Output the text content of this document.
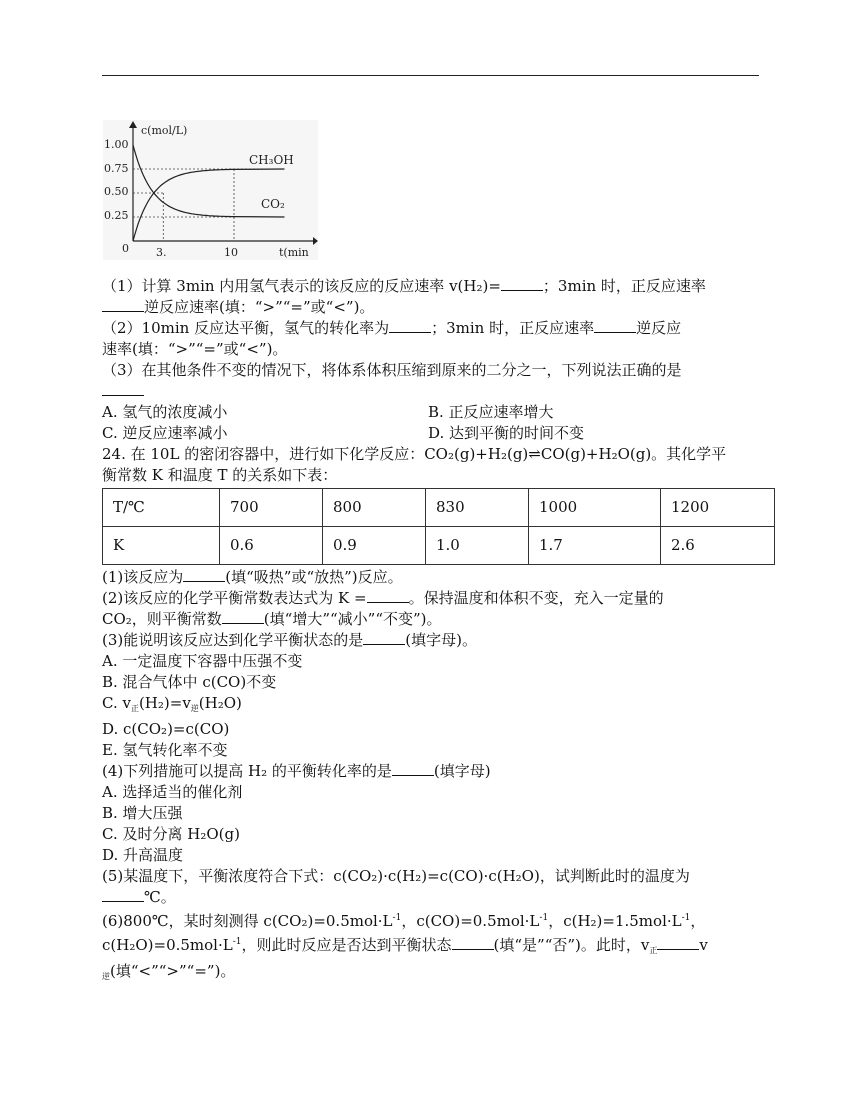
c(mol/L)
t(min
1.00
0.75
0.50
0.25
0 3.	10
CH₃OH
CO₂

（1）计算 3min 内用氢气表示的该反应的反应速率 v(H₂)=	；3min 时，正反应速率

逆反应速率(填：“>”“=”或“<”)。

（2）10min 反应达平衡，氢气的转化率为	；3min 时，正反应速率	逆反应

速率(填：“>”“=”或“<”)。

（3）在其他条件不变的情况下，将体系体积压缩到原来的二分之一，下列说法正确的是

A. 氢气的浓度减小	B. 正反应速率增大
C. 逆反应速率减小	D. 达到平衡的时间不变

24. 在 10L 的密闭容器中，进行如下化学反应：CO₂(g)+H₂(g)⇌CO(g)+H₂O(g)。其化学平

衡常数 K 和温度 T 的关系如下表：

T/℃	700	800	830	1000	1200
K	0.6	0.9	1.0	1.7	2.6

(1)该反应为	(填“吸热”或“放热”)反应。

(2)该反应的化学平衡常数表达式为 K =	。保持温度和体积不变，充入一定量的

CO₂，则平衡常数	(填“增大”“减小”“不变”)。

(3)能说明该反应达到化学平衡状态的是	(填字母)。

A. 一定温度下容器中压强不变

B. 混合气体中 c(CO)不变

C. $v_正(H_2)=v_逆(H_2O)$

D. c(CO₂)=c(CO)

E. 氢气转化率不变

(4)下列措施可以提高 H₂ 的平衡转化率的是	(填字母)

A. 选择适当的催化剂

B. 增大压强

C. 及时分离 H₂O(g)

D. 升高温度

(5)某温度下，平衡浓度符合下式：c(CO₂)·c(H₂)=c(CO)·c(H₂O)，试判断此时的温度为

℃。

(6)800℃，某时刻测得 $c(CO_2)=0.5mol\cdot L^{-1}$，$c(CO)=0.5mol\cdot L^{-1}$，$c(H_2)=1.5mol\cdot L^{-1}$，

$c(H_2O)=0.5mol\cdot L^{-1}$，则此时反应是否达到平衡状态	(填“是”“否”)。此时，$v_正$	v

$_逆$(填“<”“>”“=”)。
